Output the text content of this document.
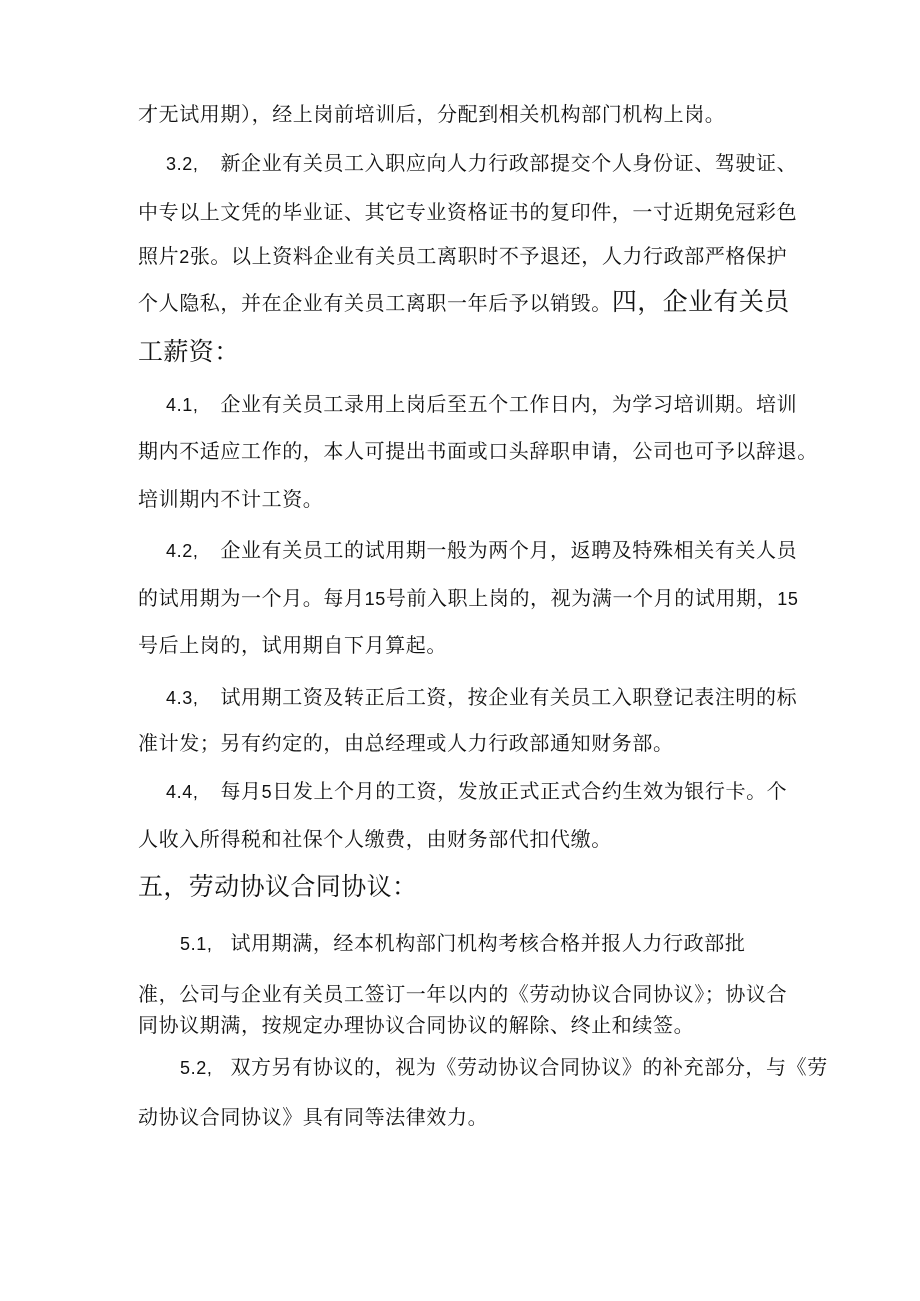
才无试用期），经上岗前培训后，分配到相关机构部门机构上岗。
3.2, 新企业有关员工入职应向人力行政部提交个人身份证、驾驶证、
中专以上文凭的毕业证、其它专业资格证书的复印件，一寸近期免冠彩色
照片2张。以上资料企业有关员工离职时不予退还，人力行政部严格保护
个人隐私，并在企业有关员工离职一年后予以销毁。四，企业有关员
工薪资：
4.1, 企业有关员工录用上岗后至五个工作日内，为学习培训期。培训
期内不适应工作的，本人可提出书面或口头辞职申请，公司也可予以辞退。
培训期内不计工资。
4.2, 企业有关员工的试用期一般为两个月，返聘及特殊相关有关人员
的试用期为一个月。每月15号前入职上岗的，视为满一个月的试用期，15
号后上岗的，试用期自下月算起。
4.3, 试用期工资及转正后工资，按企业有关员工入职登记表注明的标
准计发；另有约定的，由总经理或人力行政部通知财务部。
4.4, 每月5日发上个月的工资，发放正式正式合约生效为银行卡。个
人收入所得税和社保个人缴费，由财务部代扣代缴。
五，劳动协议合同协议：
5.1, 试用期满，经本机构部门机构考核合格并报人力行政部批
准，公司与企业有关员工签订一年以内的《劳动协议合同协议》；协议合
同协议期满，按规定办理协议合同协议的解除、终止和续签。
5.2, 双方另有协议的，视为《劳动协议合同协议》的补充部分，与《劳
动协议合同协议》具有同等法律效力。
